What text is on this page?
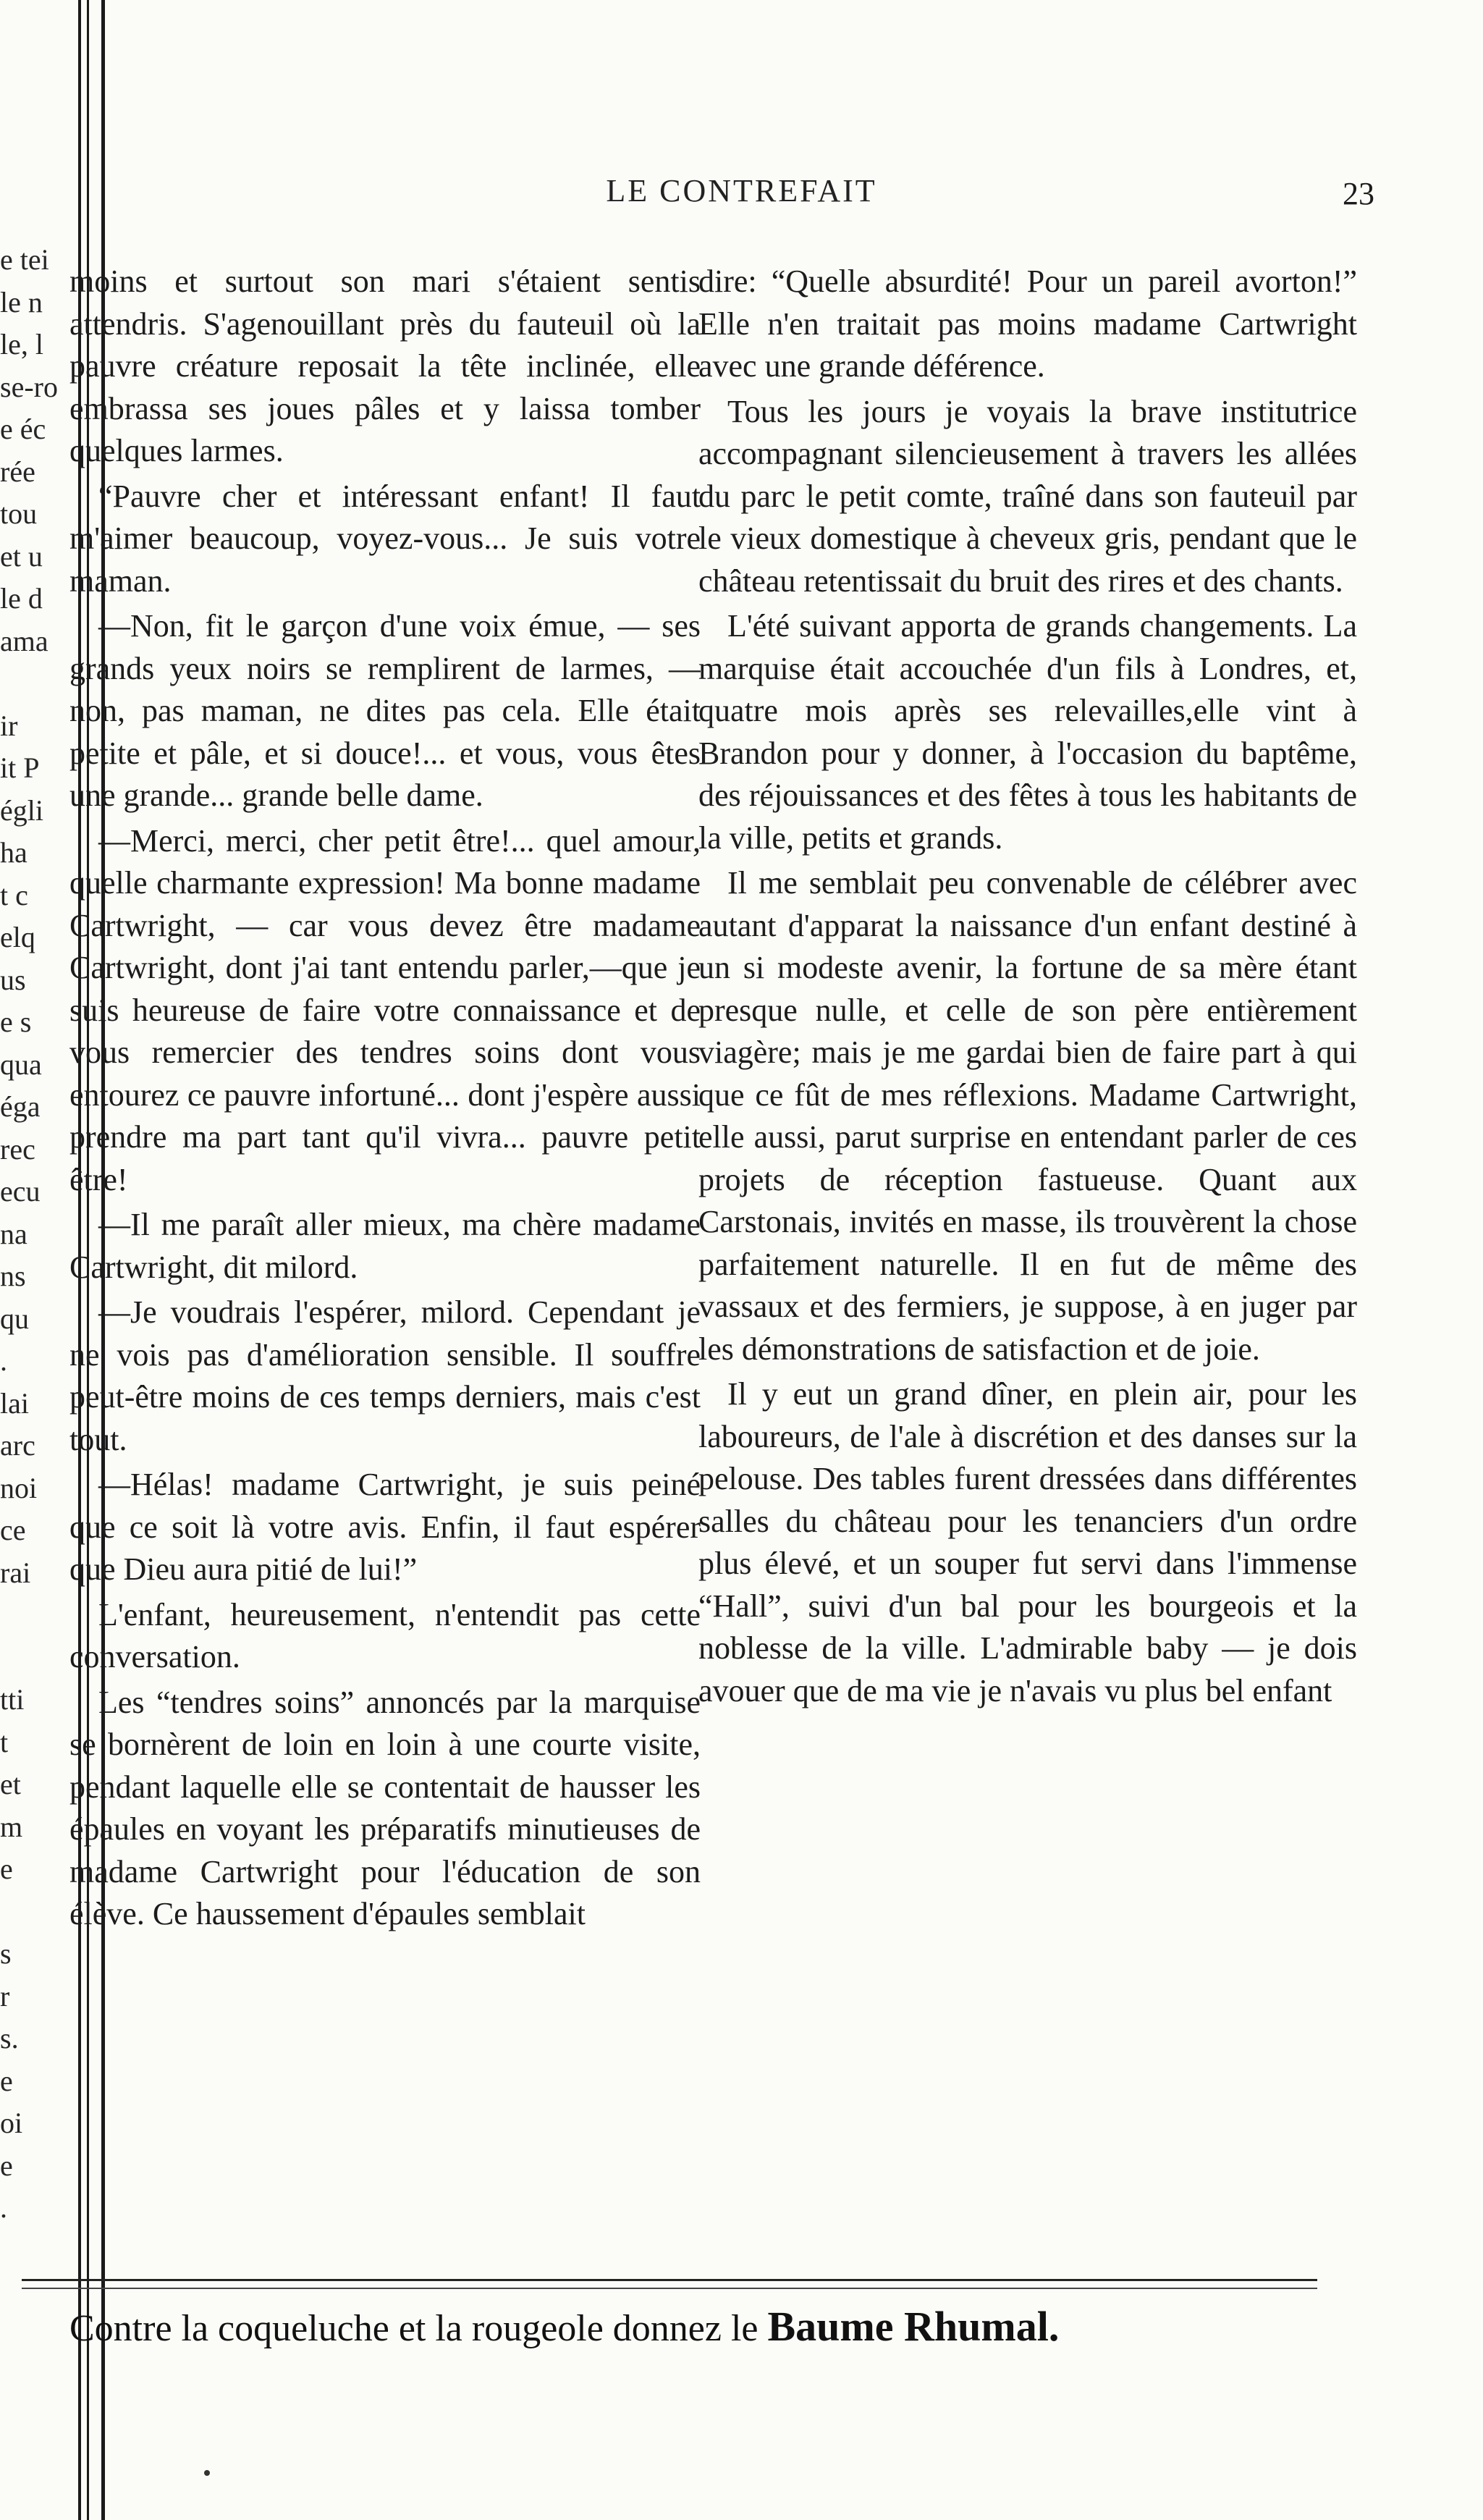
e tei
le n
le, l
se-ro
e éc
rée
tou
et u
le d
ama
ir
it P
égli
ha
t c
elq
us
e s
qua
éga
rec
ecu
na
ns
qu
.
lai
arc
noi
ce
rai
tti
t
et
m
e
s
r
s.
e
oi
e
.
LE CONTREFAIT	23

moins et surtout son mari s'étaient sentis attendris. S'agenouillant près du fauteuil où la pauvre créature reposait la tête inclinée, elle embrassa ses joues pâles et y laissa tomber quelques larmes.

“Pauvre cher et intéressant enfant! Il faut m'aimer beaucoup, voyez-vous... Je suis votre maman.

—Non, fit le garçon d'une voix émue, — ses grands yeux noirs se remplirent de larmes, — non, pas maman, ne dites pas cela. Elle était petite et pâle, et si douce!... et vous, vous êtes une grande... grande belle dame.

—Merci, merci, cher petit être!... quel amour, quelle charmante expression! Ma bonne madame Cartwright, — car vous devez être madame Cartwright, dont j'ai tant entendu parler,—que je suis heureuse de faire votre connaissance et de vous remercier des tendres soins dont vous entourez ce pauvre infortuné... dont j'espère aussi prendre ma part tant qu'il vivra... pauvre petit être!

—Il me paraît aller mieux, ma chère madame Cartwright, dit milord.

—Je voudrais l'espérer, milord. Cependant je ne vois pas d'amélioration sensible. Il souffre peut-être moins de ces temps derniers, mais c'est tout.

—Hélas! madame Cartwright, je suis peiné que ce soit là votre avis. Enfin, il faut espérer que Dieu aura pitié de lui!”

L'enfant, heureusement, n'entendit pas cette conversation.

Les “tendres soins” annoncés par la marquise se bornèrent de loin en loin à une courte visite, pendant laquelle elle se contentait de hausser les épaules en voyant les préparatifs minutieuses de madame Cartwright pour l'éducation de son élève. Ce haussement d'épaules semblait

dire: “Quelle absurdité! Pour un pareil avorton!” Elle n'en traitait pas moins madame Cartwright avec une grande déférence.

Tous les jours je voyais la brave institutrice accompagnant silencieusement à travers les allées du parc le petit comte, traîné dans son fauteuil par le vieux domestique à cheveux gris, pendant que le château retentissait du bruit des rires et des chants.

L'été suivant apporta de grands changements. La marquise était accouchée d'un fils à Londres, et, quatre mois après ses relevailles,elle vint à Brandon pour y donner, à l'occasion du baptême, des réjouissances et des fêtes à tous les habitants de la ville, petits et grands.

Il me semblait peu convenable de célébrer avec autant d'apparat la naissance d'un enfant destiné à un si modeste avenir, la fortune de sa mère étant presque nulle, et celle de son père entièrement viagère; mais je me gardai bien de faire part à qui que ce fût de mes réflexions. Madame Cartwright, elle aussi, parut surprise en entendant parler de ces projets de réception fastueuse. Quant aux Carstonais, invités en masse, ils trouvèrent la chose parfaitement naturelle. Il en fut de même des vassaux et des fermiers, je suppose, à en juger par les démonstrations de satisfaction et de joie.

Il y eut un grand dîner, en plein air, pour les laboureurs, de l'ale à discrétion et des danses sur la pelouse. Des tables furent dressées dans différentes salles du château pour les tenanciers d'un ordre plus élevé, et un souper fut servi dans l'immense “Hall”, suivi d'un bal pour les bourgeois et la noblesse de la ville. L'admirable baby — je dois avouer que de ma vie je n'avais vu plus bel enfant

Contre la coqueluche et la rougeole donnez le Baume Rhumal.
